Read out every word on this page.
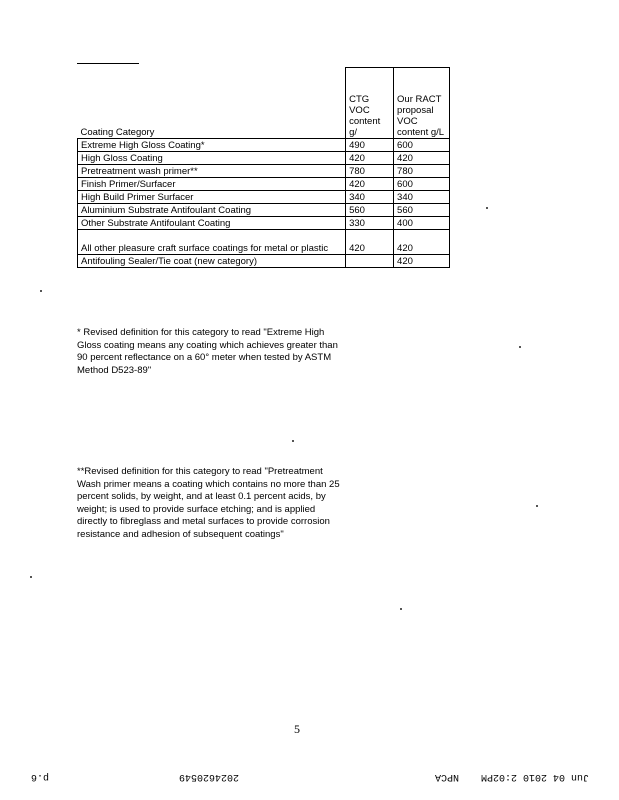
Coating Category	CTG VOC content g/	Our RACT proposal VOC content g/L
Extreme High Gloss Coating*	490	600
High Gloss Coating	420	420
Pretreatment wash primer**	780	780
Finish Primer/Surfacer	420	600
High Build Primer Surfacer	340	340
Aluminium Substrate Antifoulant Coating	560	560
Other Substrate Antifoulant Coating	330	400
All other pleasure craft surface coatings for metal or plastic	420	420
Antifouling Sealer/Tie coat (new category)		420

* Revised definition for this category to read "Extreme High Gloss coating means any coating which achieves greater than 90 percent reflectance on a 60° meter when tested by ASTM Method D523-89"

**Revised definition for this category to read "Pretreatment Wash primer means a coating which contains no more than 25 percent solids, by weight, and at least 0.1 percent acids, by weight; is used to provide surface etching; and is applied directly to fibreglass and metal surfaces to provide corrosion resistance and adhesion of subsequent coatings"

5
Jun 04 2010 2:02PM
NPCA
2024620549
p.6
